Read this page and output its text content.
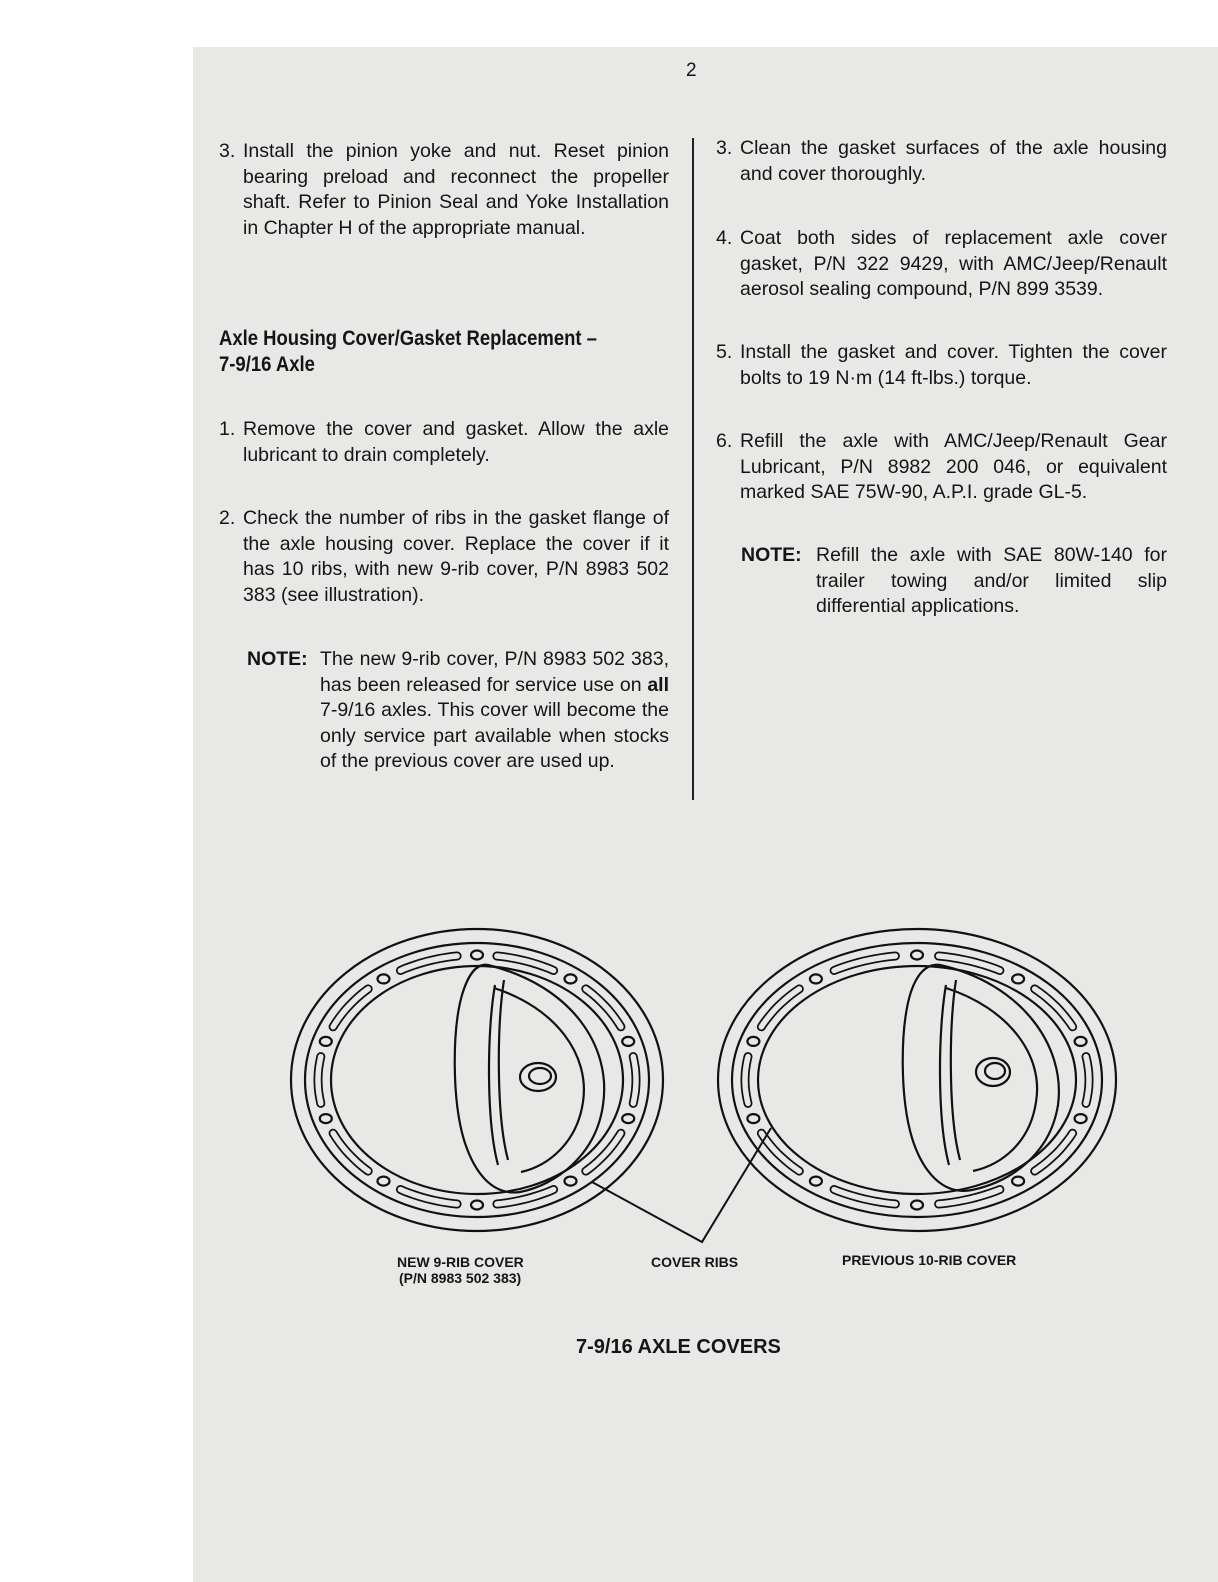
2
3. Install the pinion yoke and nut. Reset pinion bearing preload and reconnect the propeller shaft. Refer to Pinion Seal and Yoke Installation in Chapter H of the appropriate manual.
Axle Housing Cover/Gasket Replacement –
7-9/16 Axle
1. Remove the cover and gasket. Allow the axle lubricant to drain completely.
2. Check the number of ribs in the gasket flange of the axle housing cover. Replace the cover if it has 10 ribs, with new 9-rib cover, P/N 8983 502 383 (see illustration).
NOTE: The new 9-rib cover, P/N 8983 502 383, has been released for service use on all 7-9/16 axles. This cover will become the only service part available when stocks of the previous cover are used up.
3. Clean the gasket surfaces of the axle housing and cover thoroughly.
4. Coat both sides of replacement axle cover gasket, P/N 322 9429, with AMC/Jeep/Renault aerosol sealing compound, P/N 899 3539.
5. Install the gasket and cover. Tighten the cover bolts to 19 N·m (14 ft-lbs.) torque.
6. Refill the axle with AMC/Jeep/Renault Gear Lubricant, P/N 8982 200 046, or equivalent marked SAE 75W-90, A.P.I. grade GL-5.
NOTE: Refill the axle with SAE 80W-140 for trailer towing and/or limited slip differential applications.
NEW 9-RIB COVER
(P/N 8983 502 383)
COVER RIBS	PREVIOUS 10-RIB COVER
7-9/16 AXLE COVERS
